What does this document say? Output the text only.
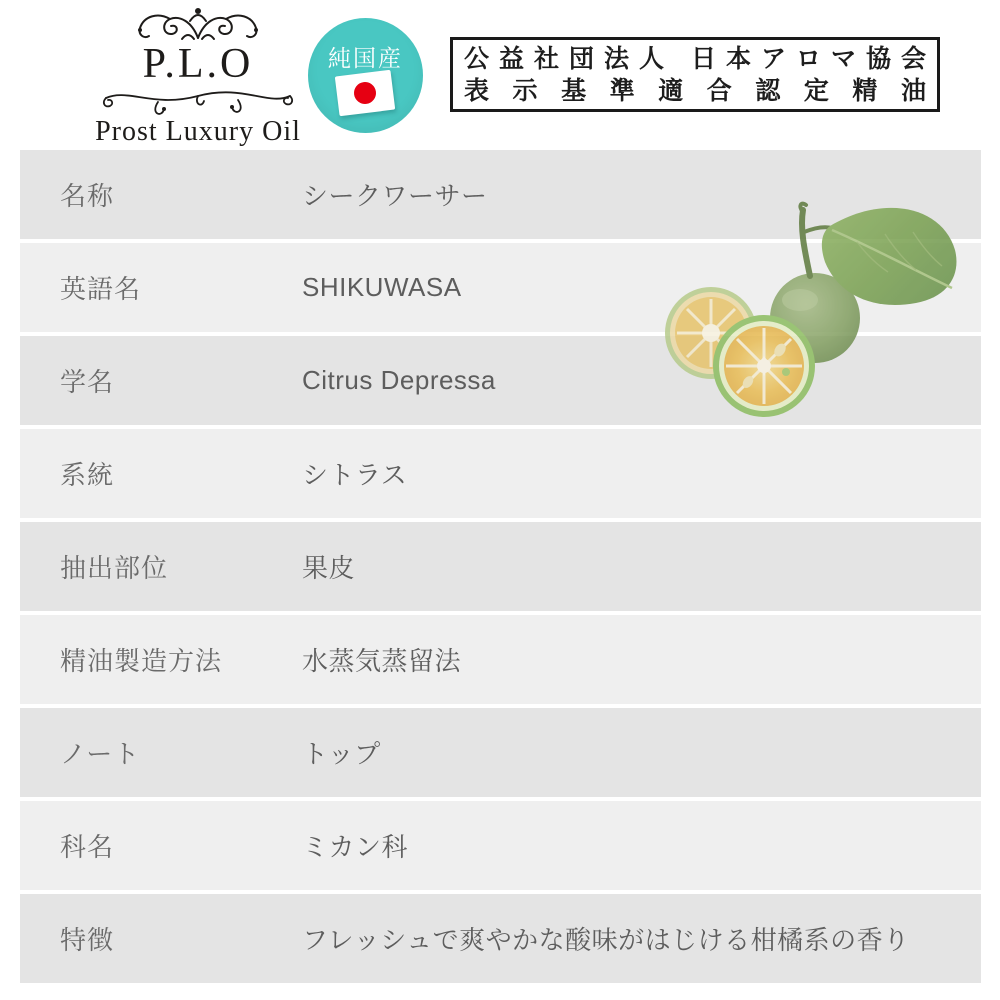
P.L.O
Prost Luxury Oil
純国産	公益社団法人 日本アロマ協会
表示基準適合認定精油
名称	シークワーサー
英語名	SHIKUWASA
学名	Citrus Depressa
系統	シトラス
抽出部位	果皮
精油製造方法	水蒸気蒸留法
ノート	トップ
科名	ミカン科
特徴	フレッシュで爽やかな酸味がはじける柑橘系の香り
